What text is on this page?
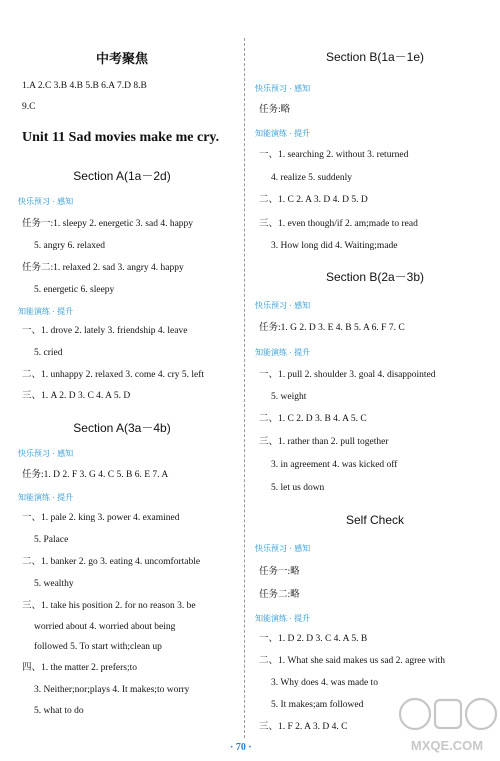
中考聚焦
1.A 2.C 3.B 4.B 5.B 6.A 7.D 8.B
9.C
Unit 11 Sad movies make me cry.
Section A(1a－2d)
快乐预习 · 感知
任务一:1. sleepy 2. energetic 3. sad 4. happy
5. angry 6. relaxed
任务二:1. relaxed 2. sad 3. angry 4. happy
5. energetic 6. sleepy
知能演练 · 提升
一、1. drove 2. lately 3. friendship 4. leave
5. cried
二、1. unhappy 2. relaxed 3. come 4. cry 5. left
三、1. A 2. D 3. C 4. A 5. D
Section A(3a－4b)
快乐预习 · 感知
任务:1. D 2. F 3. G 4. C 5. B 6. E 7. A
知能演练 · 提升
一、1. pale 2. king 3. power 4. examined
5. Palace
二、1. banker 2. go 3. eating 4. uncomfortable
5. wealthy
三、1. take his position 2. for no reason 3. be
worried about 4. worried about being
followed 5. To start with;clean up
四、1. the matter 2. prefers;to
3. Neither;nor;plays 4. It makes;to worry
5. what to do
Section B(1a－1e)
快乐预习 · 感知
任务:略
知能演练 · 提升
一、1. searching 2. without 3. returned
4. realize 5. suddenly
二、1. C 2. A 3. D 4. D 5. D
三、1. even though/if 2. am;made to read
3. How long did 4. Waiting;made
Section B(2a－3b)
快乐预习 · 感知
任务:1. G 2. D 3. E 4. B 5. A 6. F 7. C
知能演练 · 提升
一、1. pull 2. shoulder 3. goal 4. disappointed
5. weight
二、1. C 2. D 3. B 4. A 5. C
三、1. rather than 2. pull together
3. in agreement 4. was kicked off
5. let us down
Self Check
快乐预习 · 感知
任务一:略
任务二:略
知能演练 · 提升
一、1. D 2. D 3. C 4. A 5. B
二、1. What she said makes us sad 2. agree with
3. Why does 4. was made to
5. It makes;am followed
三、1. F 2. A 3. D 4. C
· 70 ·	MXQE.COM
